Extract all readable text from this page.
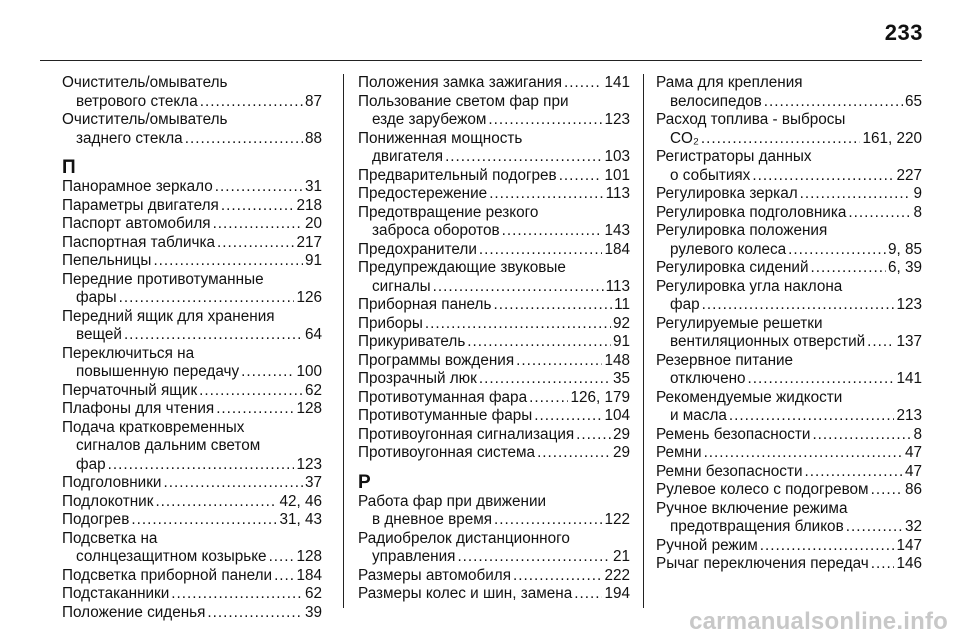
233
Очиститель/омыватель
ветрового стекла .....	87
Очиститель/омыватель
заднего стекла .....	88
П
Панорамное зеркало .....	31
Параметры двигателя .....	218
Паспорт автомобиля .....	20
Паспортная табличка .....	217
Пепельницы .....	91
Передние противотуманные
фары .....	126
Передний ящик для хранения
вещей .....	64
Переключиться на
повышенную передачу .....	100
Перчаточный ящик .....	62
Плафоны для чтения .....	128
Подача кратковременных
сигналов дальним светом
фар .....	123
Подголовники .....	37
Подлокотник .....	42, 46
Подогрев .....	31, 43
Подсветка на
солнцезащитном козырьке ..... 128
Подсветка приборной панели ..... 184
Подстаканники .....	62
Положение сиденья .....	39
Положения замка зажигания .....	141
Пользование светом фар при
езде зарубежом .....	123
Пониженная мощность
двигателя .....	103
Предварительный подогрев .....	101
Предостережение .....	113
Предотвращение резкого
заброса оборотов .....	143
Предохранители .....	184
Предупреждающие звуковые
сигналы .....	113
Приборная панель .....	11
Приборы .....	92
Прикуриватель .....	91
Программы вождения .....	148
Прозрачный люк .....	35
Противотуманная фара .....	126, 179
Противотуманные фары .....	104
Противоугонная сигнализация .....	29
Противоугонная система .....	29
Р
Работа фар при движении
в дневное время .....	122
Радиобрелок дистанционного
управления .....	21
Размеры автомобиля .....	222
Размеры колес и шин, замена ..... 194
Рама для крепления
велосипедов .....	65
Расход топлива - выбросы
CO₂ .....	161, 220
Регистраторы данных
о событиях .....	227
Регулировка зеркал .....	9
Регулировка подголовника .....	8
Регулировка положения
рулевого колеса .....	9, 85
Регулировка сидений .....	6, 39
Регулировка угла наклона
фар .....	123
Регулируемые решетки
вентиляционных отверстий ..... 137
Резервное питание
отключено .....	141
Рекомендуемые жидкости
и масла .....	213
Ремень безопасности .....	8
Ремни .....	47
Ремни безопасности .....	47
Рулевое колесо с подогревом ..... 86
Ручное включение режима
предотвращения бликов .....	32
Ручной режим .....	147
Рычаг переключения передач ..... 146
carmanualsonline.info
